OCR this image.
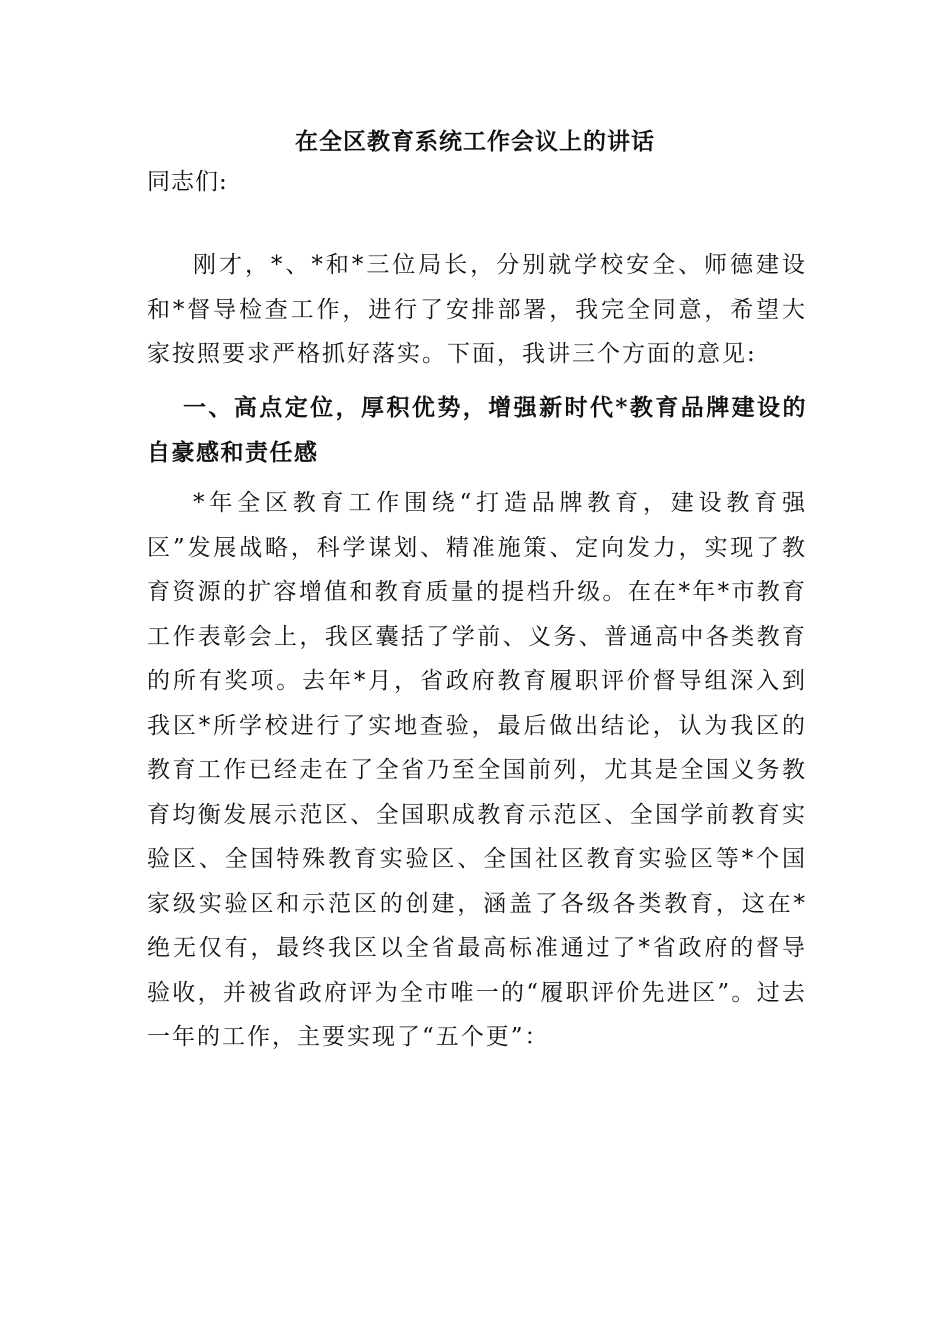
在全区教育系统工作会议上的讲话

同志们:

刚才，*、*和*三位局长，分别就学校安全、师德建设和*督导检查工作，进行了安排部署，我完全同意，希望大家按照要求严格抓好落实。下面，我讲三个方面的意见:

一、高点定位，厚积优势，增强新时代*教育品牌建设的自豪感和责任感

*年全区教育工作围绕“打造品牌教育，建设教育强区”发展战略，科学谋划、精准施策、定向发力，实现了教育资源的扩容增值和教育质量的提档升级。在在*年*市教育工作表彰会上，我区囊括了学前、义务、普通高中各类教育的所有奖项。去年*月，省政府教育履职评价督导组深入到我区*所学校进行了实地查验，最后做出结论，认为我区的教育工作已经走在了全省乃至全国前列，尤其是全国义务教育均衡发展示范区、全国职成教育示范区、全国学前教育实验区、全国特殊教育实验区、全国社区教育实验区等*个国家级实验区和示范区的创建，涵盖了各级各类教育，这在*绝无仅有，最终我区以全省最高标准通过了*省政府的督导验收，并被省政府评为全市唯一的“履职评价先进区”。过去一年的工作，主要实现了“五个更”：
